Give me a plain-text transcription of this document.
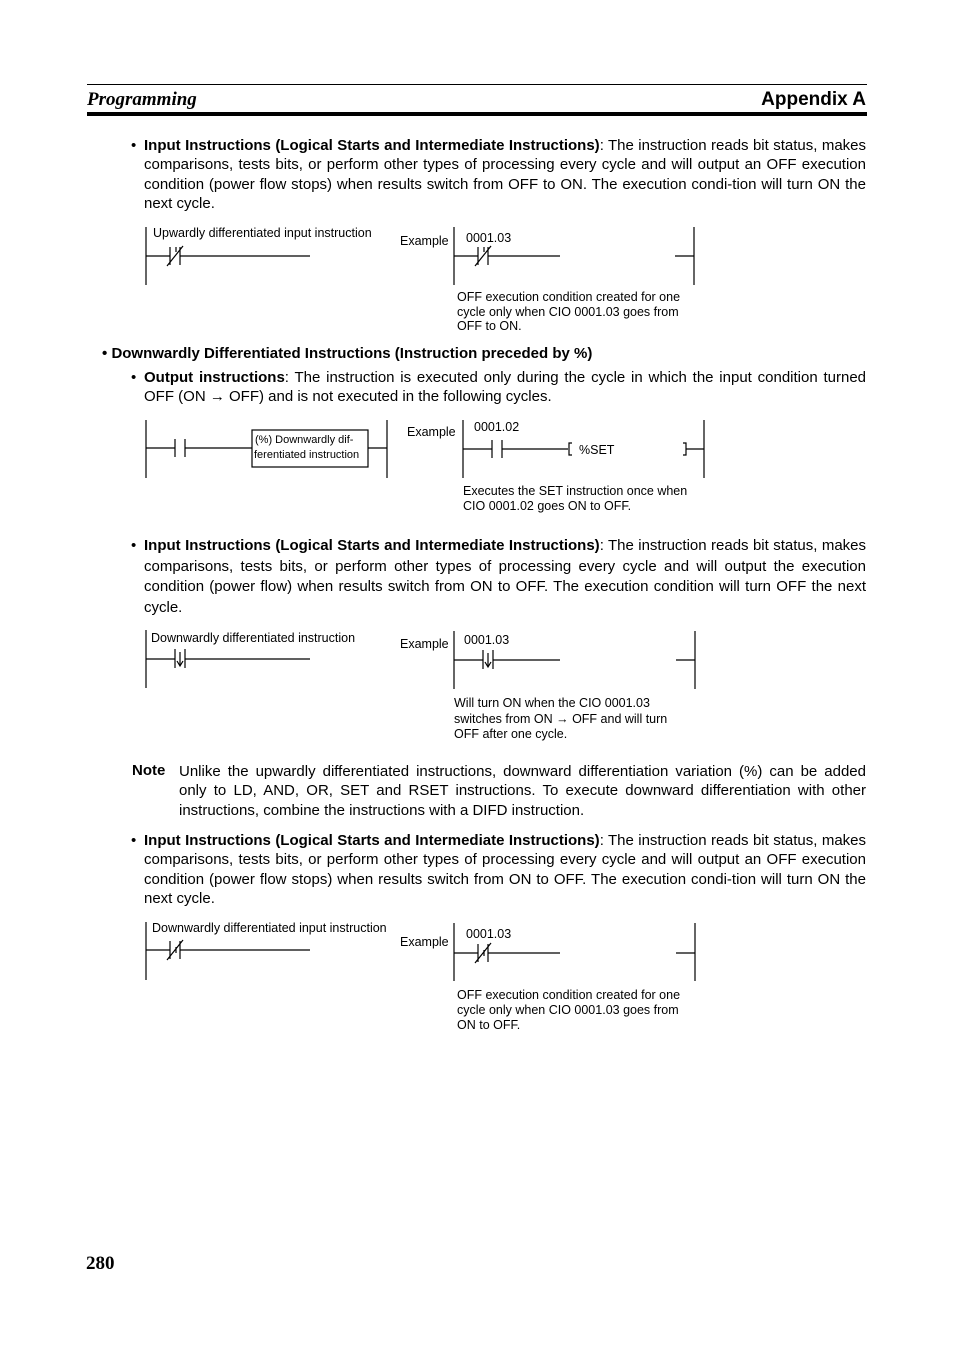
Programming	Appendix A
• Input Instructions (Logical Starts and Intermediate Instructions): The instruction reads bit status, makes comparisons, tests bits, or perform other types of processing every cycle and will output an OFF execution condition (power flow stops) when results switch from OFF to ON. The execution condi-tion will turn ON the next cycle.
Upwardly differentiated input instruction
Example 0001.03
OFF execution condition created for one
cycle only when CIO 0001.03 goes from
OFF to ON.
• Downwardly Differentiated Instructions (Instruction preceded by %)
• Output instructions: The instruction is executed only during the cycle in which the input condition turned OFF (ON → OFF) and is not executed in the following cycles.
(%) Downwardly dif-
ferentiated instruction
Example 0001.02
%SET
Executes the SET instruction once when
CIO 0001.02 goes ON to OFF.
• Input Instructions (Logical Starts and Intermediate Instructions): The instruction reads bit status, makes comparisons, tests bits, or perform other types of processing every cycle and will output the execution condition (power flow) when results switch from ON to OFF. The execution condition will turn OFF the next cycle.
Downwardly differentiated instruction	Example 0001.03
Will turn ON when the CIO 0001.03
switches from ON → OFF and will turn
OFF after one cycle.
Note Unlike the upwardly differentiated instructions, downward differentiation variation (%) can be added only to LD, AND, OR, SET and RSET instructions. To execute downward differentiation with other instructions, combine the instructions with a DIFD instruction.
• Input Instructions (Logical Starts and Intermediate Instructions): The instruction reads bit status, makes comparisons, tests bits, or perform other types of processing every cycle and will output an OFF execution condition (power flow stops) when results switch from ON to OFF. The execution condi-tion will turn ON the next cycle.
Downwardly differentiated input instruction
Example
0001.03
OFF execution condition created for one
cycle only when CIO 0001.03 goes from
ON to OFF.
280
